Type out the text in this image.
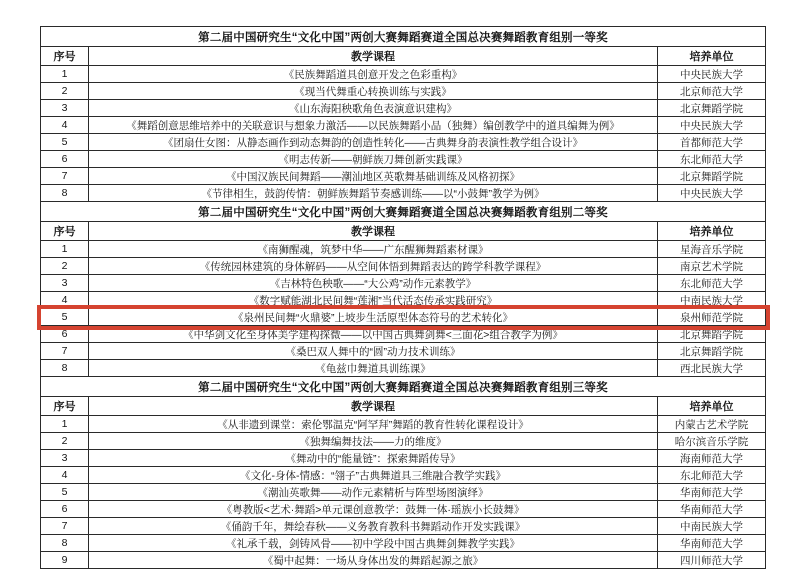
第二届中国研究生“文化中国”两创大赛舞蹈赛道全国总决赛舞蹈教育组别一等奖		
序号	教学课程	培养单位
1	《民族舞蹈道具创意开发之色彩重构》	中央民族大学
2	《现当代舞重心转换训练与实践》	北京师范大学
3	《山东海阳秧歌角色表演意识建构》	北京舞蹈学院
4	《舞蹈创意思维培养中的关联意识与想象力激活——以民族舞蹈小品（独舞）编创教学中的道具编舞为例》	中央民族大学
5	《团扇仕女图：从静态画作到动态舞韵的创造性转化——古典舞身韵表演性教学组合设计》	首都师范大学
6	《明志传新——朝鲜族刀舞创新实践课》	东北师范大学
7	《中国汉族民间舞蹈——潮汕地区英歌舞基础训练及风格初探》	北京舞蹈学院
8	《节律相生，鼓韵传情：朝鲜族舞蹈节奏感训练——以“小鼓舞”教学为例》	中央民族大学
第二届中国研究生“文化中国”两创大赛舞蹈赛道全国总决赛舞蹈教育组别二等奖		
序号	教学课程	培养单位
1	《南狮醒魂，筑梦中华——广东醒狮舞蹈素材课》	星海音乐学院
2	《传统园林建筑的身体解码——从空间体悟到舞蹈表达的跨学科教学课程》	南京艺术学院
3	《吉林特色秧歌——“大公鸡”动作元素教学》	东北师范大学
4	《数字赋能湖北民间舞“莲湘”当代活态传承实践研究》	中南民族大学
5	《泉州民间舞“火鼎婆”上坡步生活原型体态符号的艺术转化》	泉州师范学院
6	《中华剑文化至身体美学建构探微——以中国古典舞剑舞<三面花>组合教学为例》	北京舞蹈学院
7	《桑巴双人舞中的“圆”动力技术训练》	北京舞蹈学院
8	《龟兹巾舞道具训练课》	西北民族大学
第二届中国研究生“文化中国”两创大赛舞蹈赛道全国总决赛舞蹈教育组别三等奖		
序号	教学课程	培养单位
1	《从非遗到课堂：索伦鄂温克“阿罕拜”舞蹈的教育性转化课程设计》	内蒙古艺术学院
2	《独舞编舞技法——力的维度》	哈尔滨音乐学院
3	《舞动中的“能量链”：探索舞蹈传导》	海南师范大学
4	《文化-身体-情感：“翎子”古典舞道具三维融合教学实践》	东北师范大学
5	《潮汕英歌舞——动作元素精析与阵型场图演绎》	华南师范大学
6	《粤教版<艺术·舞蹈>单元课创意教学：鼓舞一体·瑶族小长鼓舞》	华南师范大学
7	《俑韵千年，舞绘春秋——义务教育教科书舞蹈动作开发实践课》	中南民族大学
8	《礼承千载，剑铸风骨——初中学段中国古典舞剑舞教学实践》	华南师范大学
9	《蜀中起舞：一场从身体出发的舞蹈起源之旅》	四川师范大学
